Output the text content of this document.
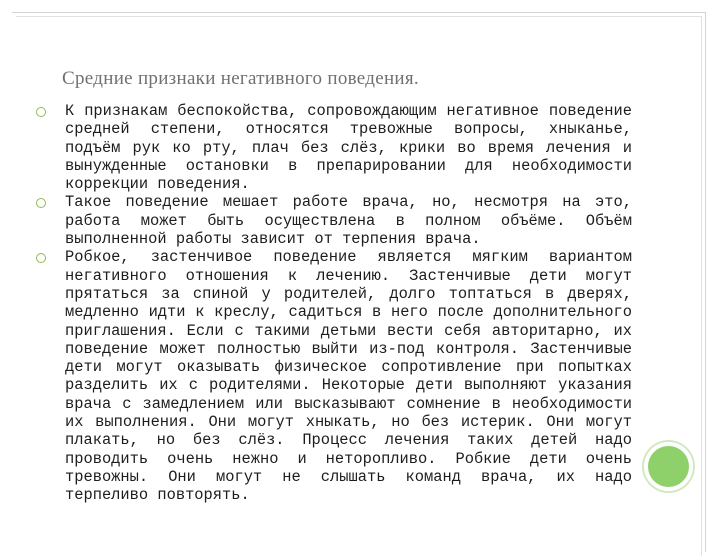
Средние признаки негативного поведения.
К признакам беспокойства, сопровождающим негативное поведение средней степени, относятся тревожные вопросы, хныканье, подъём рук ко рту, плач без слёз, крики во время лечения и вынужденные остановки в препарировании для необходимости коррекции поведения.
Такое поведение мешает работе врача, но, несмотря на это, работа может быть осуществлена в полном объёме. Объём выполненной работы зависит от терпения врача.
Робкое, застенчивое поведение является мягким вариантом негативного отношения к лечению. Застенчивые дети могут прятаться за спиной у родителей, долго топтаться в дверях, медленно идти к креслу, садиться в него после дополнительного приглашения. Если с такими детьми вести себя авторитарно, их поведение может полностью выйти из-под контроля. Застенчивые дети могут оказывать физическое сопротивление при попытках разделить их с родителями. Некоторые дети выполняют указания врача с замедлением или высказывают сомнение в необходимости их выполнения. Они могут хныкать, но без истерик. Они могут плакать, но без слёз. Процесс лечения таких детей надо проводить очень нежно и неторопливо. Робкие дети очень тревожны. Они могут не слышать команд врача, их надо терпеливо повторять.
